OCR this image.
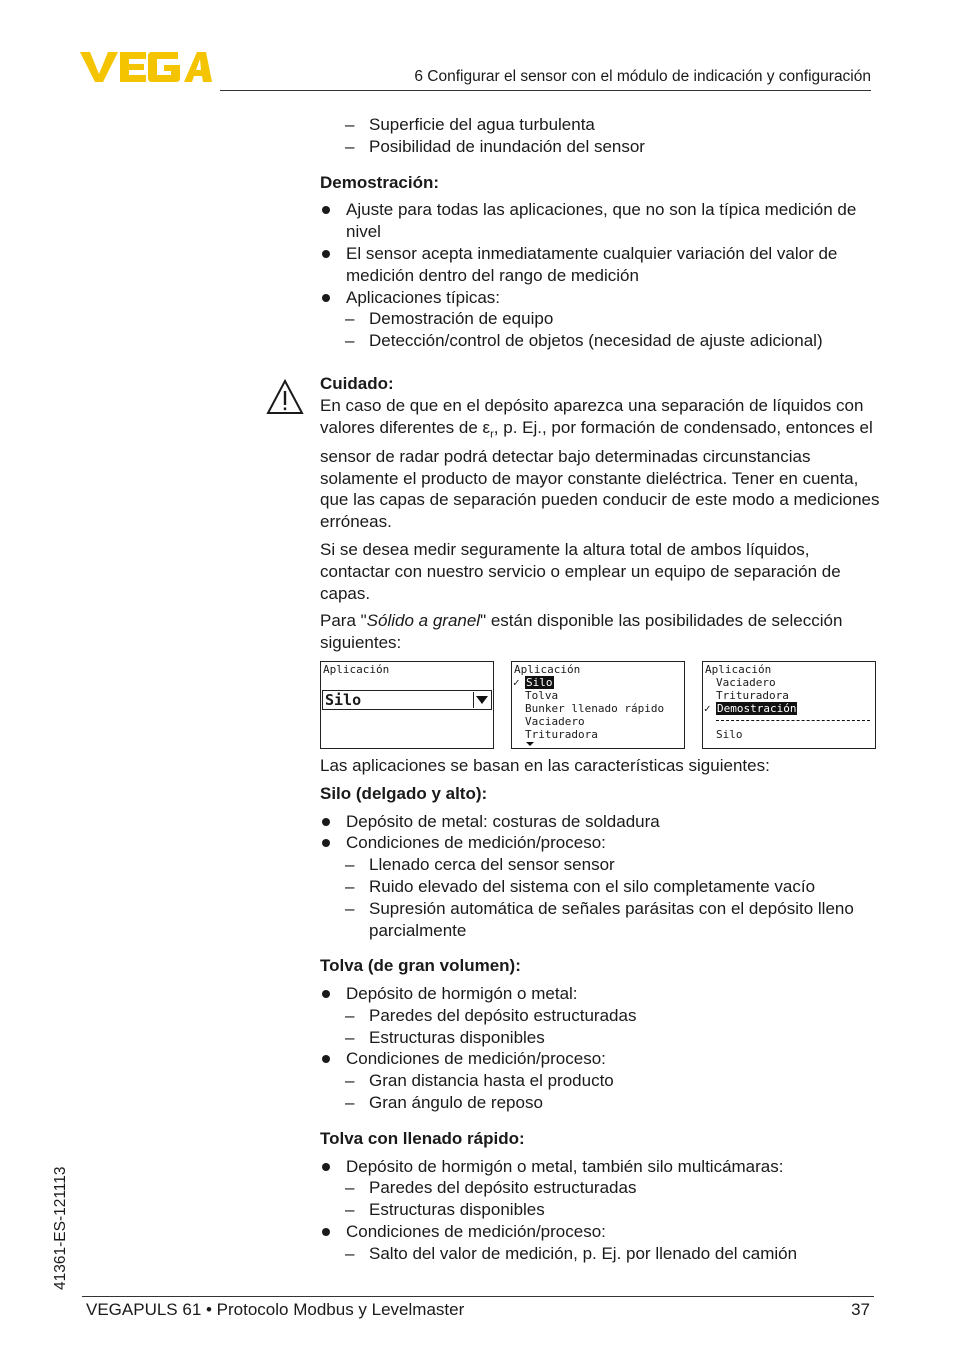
6 Configurar el sensor con el módulo de indicación y configuración
41361-ES-121113

– Superficie del agua turbulenta

– Posibilidad de inundación del sensor

Demostración:

Ajuste para todas las aplicaciones, que no son la típica medición de nivel

El sensor acepta inmediatamente cualquier variación del valor de medición dentro del rango de medición

Aplicaciones típicas:

– Demostración de equipo

– Detección/control de objetos (necesidad de ajuste adicional)

Cuidado:

En caso de que en el depósito aparezca una separación de líquidos con valores diferentes de $\varepsilon_r$, p. Ej., por formación de condensado, entonces el sensor de radar podrá detectar bajo determinadas circunstancias solamente el producto de mayor constante dieléctrica. Tener en cuenta, que las capas de separación pueden conducir de este modo a mediciones erróneas.

Si se desea medir seguramente la altura total de ambos líquidos, contactar con nuestro servicio o emplear un equipo de separación de capas.

Para "Sólido a granel" están disponible las posibilidades de selección siguientes:

Aplicación
Silo
Aplicación
✓ Silo
Tolva
Bunker llenado rápido
Vaciadero
Trituradora
Aplicación
Vaciadero
Trituradora
✓ Demostración
Silo

Las aplicaciones se basan en las características siguientes:

Silo (delgado y alto):

Depósito de metal: costuras de soldadura

Condiciones de medición/proceso:

– Llenado cerca del sensor sensor

– Ruido elevado del sistema con el silo completamente vacío

– Supresión automática de señales parásitas con el depósito lleno parcialmente

Tolva (de gran volumen):

Depósito de hormigón o metal:

– Paredes del depósito estructuradas

– Estructuras disponibles

Condiciones de medición/proceso:

– Gran distancia hasta el producto

– Gran ángulo de reposo

Tolva con llenado rápido:

Depósito de hormigón o metal, también silo multicámaras:

– Paredes del depósito estructuradas

– Estructuras disponibles

Condiciones de medición/proceso:

– Salto del valor de medición, p. Ej. por llenado del camión

VEGAPULS 61 • Protocolo Modbus y Levelmaster	37
